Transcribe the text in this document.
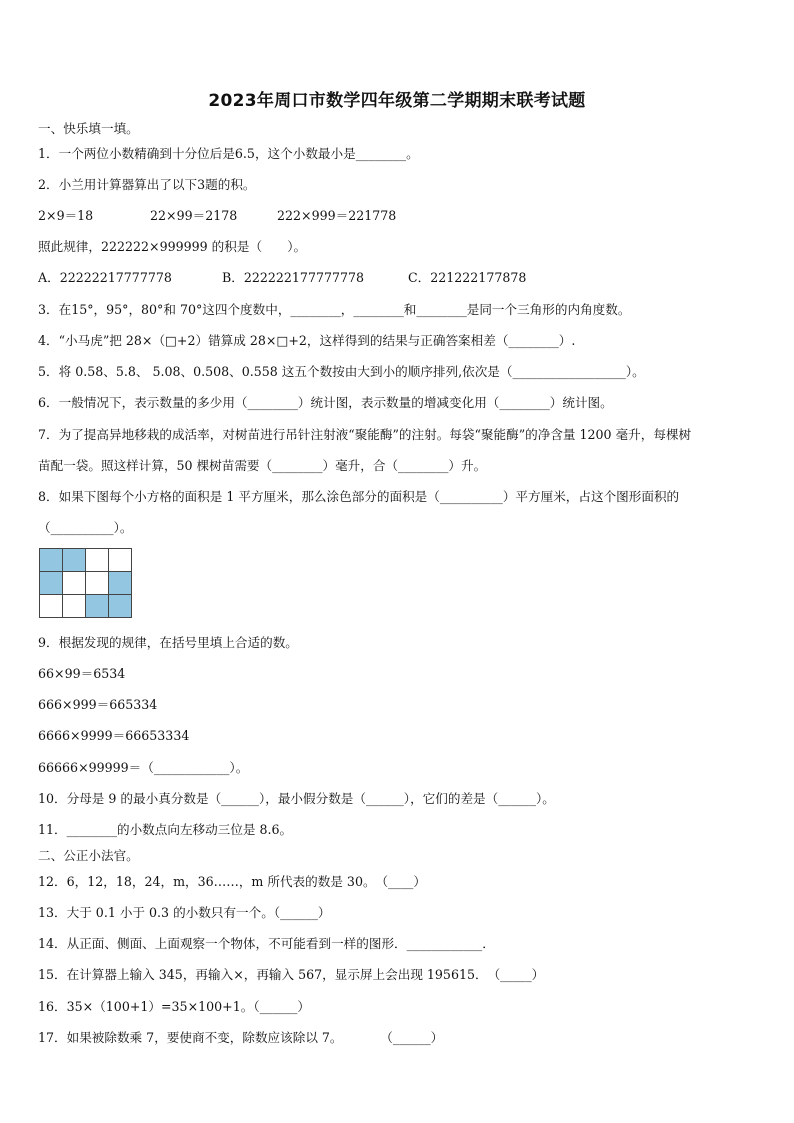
2023年周口市数学四年级第二学期期末联考试题
一、快乐填一填。
1．一个两位小数精确到十分位后是6.5，这个小数最小是________。
2．小兰用计算器算出了以下3题的积。
2×9＝18	22×99＝2178	222×999＝221778
照此规律，222222×999999 的积是（　　）。
A．22222217777778	B．222222177777778	C．221222177878
3．在15°，95°，80°和 70°这四个度数中，________，________和________是同一个三角形的内角度数。
4．“小马虎”把 28×（□+2）错算成 28×□+2，这样得到的结果与正确答案相差（________）.
5．将 0.58、5.8、 5.08、0.508、0.558 这五个数按由大到小的顺序排列,依次是（__________________）。
6．一般情况下，表示数量的多少用（________）统计图，表示数量的增减变化用（________）统计图。
7．为了提高异地移栽的成活率，对树苗进行吊针注射液“聚能酶”的注射。每袋“聚能酶”的净含量 1200 毫升，每棵树
苗配一袋。照这样计算，50 棵树苗需要（________）毫升，合（________）升。
8．如果下图每个小方格的面积是 1 平方厘米，那么涂色部分的面积是（__________）平方厘米，占这个图形面积的
（__________）。

9．根据发现的规律，在括号里填上合适的数。
66×99＝6534
666×999＝665334
6666×9999＝66653334
66666×99999＝（____________）。
10．分母是 9 的最小真分数是（______），最小假分数是（______），它们的差是（______）。
11．________的小数点向左移动三位是 8.6。
二、公正小法官。
12．6，12，18，24，m，36……，m 所代表的数是 30。　（____）
13．大于 0.1 小于 0.3 的小数只有一个。（______）
14．从正面、侧面、上面观察一个物体，不可能看到一样的图形．____________．
15．在计算器上输入 345，再输入×，再输入 567，显示屏上会出现 195615．　（_____）
16．35×（100+1）=35×100+1。（______）
17．如果被除数乘 7，要使商不变，除数应该除以 7。　　　　（______）
